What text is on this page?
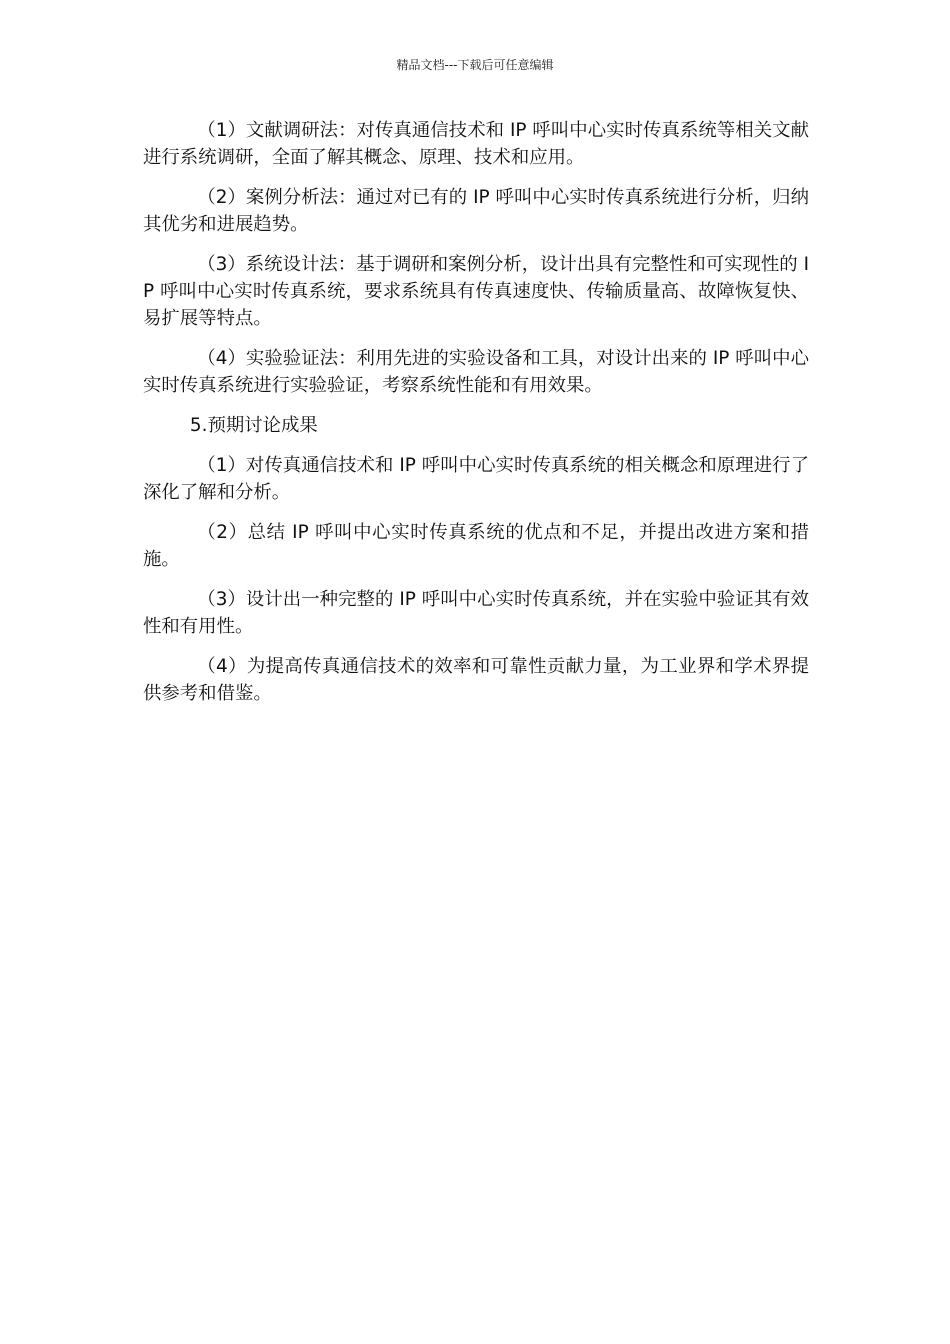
精品文档---下载后可任意编辑

（1）文献调研法：对传真通信技术和 IP 呼叫中心实时传真系统等相关文献进行系统调研，全面了解其概念、原理、技术和应用。

（2）案例分析法：通过对已有的 IP 呼叫中心实时传真系统进行分析，归纳其优劣和进展趋势。

（3）系统设计法：基于调研和案例分析，设计出具有完整性和可实现性的 IP 呼叫中心实时传真系统，要求系统具有传真速度快、传输质量高、故障恢复快、易扩展等特点。

（4）实验验证法：利用先进的实验设备和工具，对设计出来的 IP 呼叫中心实时传真系统进行实验验证，考察系统性能和有用效果。

5.预期讨论成果

（1）对传真通信技术和 IP 呼叫中心实时传真系统的相关概念和原理进行了深化了解和分析。

（2）总结 IP 呼叫中心实时传真系统的优点和不足，并提出改进方案和措施。

（3）设计出一种完整的 IP 呼叫中心实时传真系统，并在实验中验证其有效性和有用性。

（4）为提高传真通信技术的效率和可靠性贡献力量，为工业界和学术界提供参考和借鉴。
